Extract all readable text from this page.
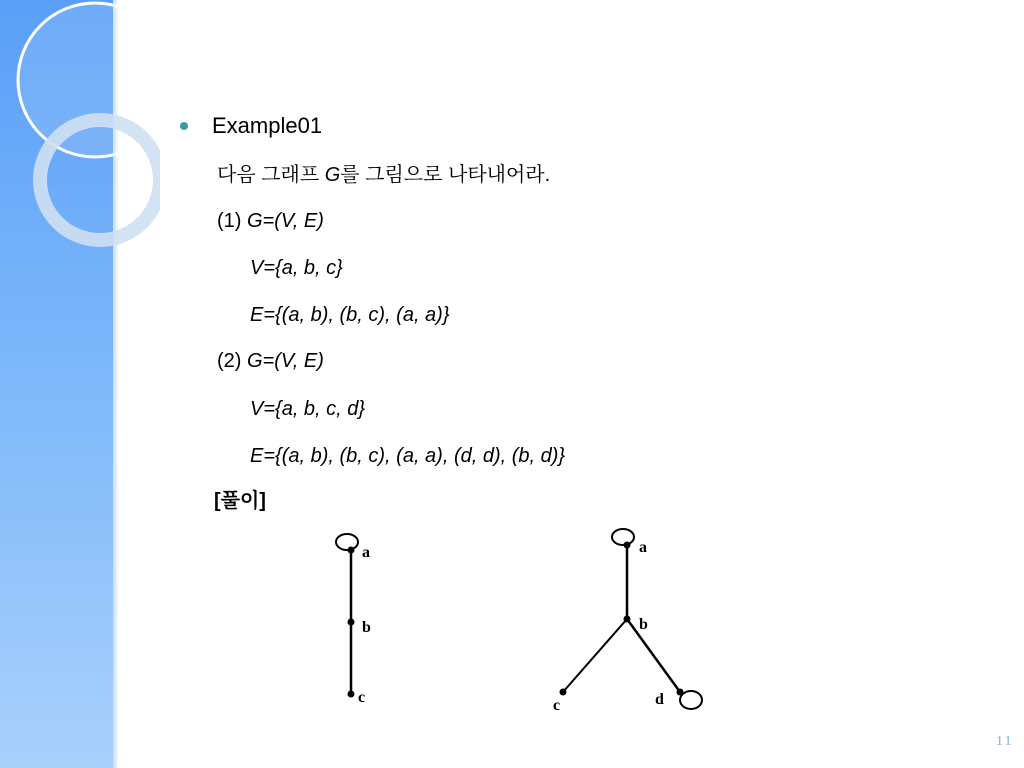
Example01
다음 그래프 G를 그림으로 나타내어라.
(1) G=(V, E)
V={a, b, c}
E={(a, b), (b, c), (a, a)}
(2) G=(V, E)
V={a, b, c, d}
E={(a, b), (b, c), (a, a), (d, d), (b, d)}
[풀이]
a
b
c
a
b
c	d
11
